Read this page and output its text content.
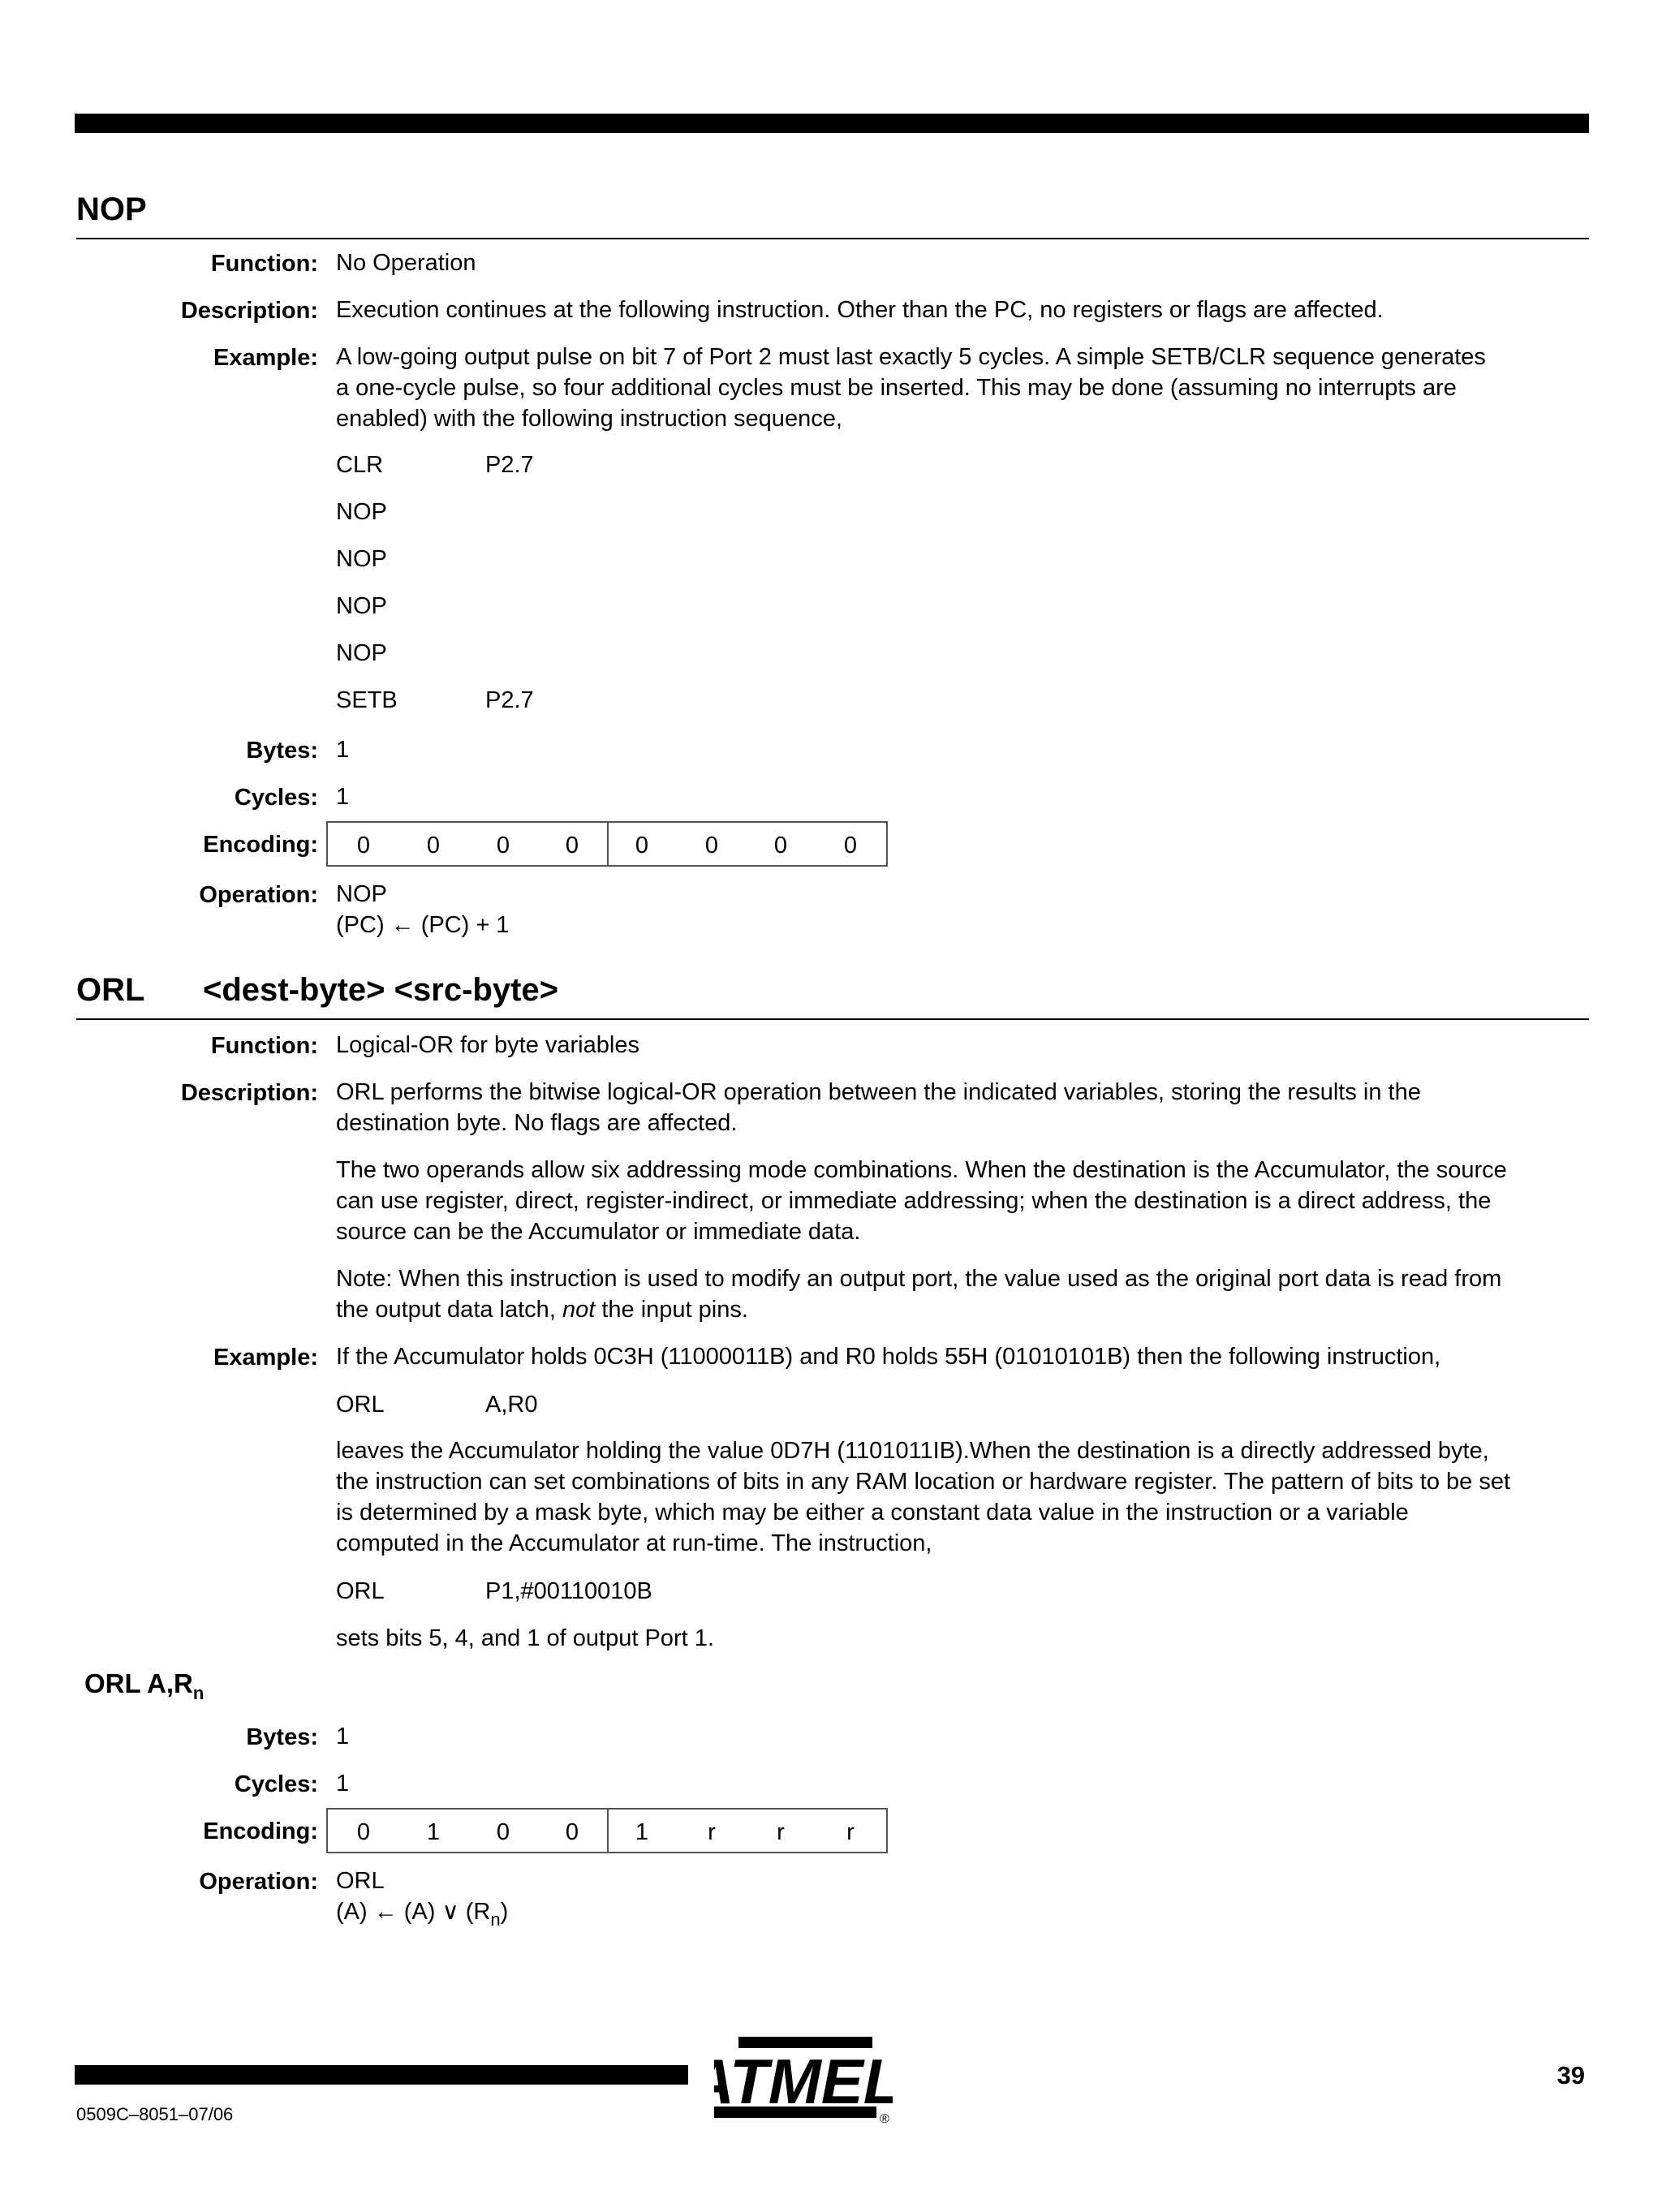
NOP
Function: No Operation
Description: Execution continues at the following instruction. Other than the PC, no registers or flags are affected.
Example: A low-going output pulse on bit 7 of Port 2 must last exactly 5 cycles. A simple SETB/CLR sequence generates
a one-cycle pulse, so four additional cycles must be inserted. This may be done (assuming no interrupts are
enabled) with the following instruction sequence,
CLR	P2.7
NOP
NOP
NOP
NOP
SETB	P2.7
Bytes: 1
Cycles: 1
Encoding: 0 0 0 0 0 0 0 0
Operation: NOP
(PC) ← (PC) + 1
ORL <dest-byte> <src-byte>
Function: Logical-OR for byte variables
Description: ORL performs the bitwise logical-OR operation between the indicated variables, storing the results in the
destination byte. No flags are affected.
The two operands allow six addressing mode combinations. When the destination is the Accumulator, the source
can use register, direct, register-indirect, or immediate addressing; when the destination is a direct address, the
source can be the Accumulator or immediate data.
Note: When this instruction is used to modify an output port, the value used as the original port data is read from
the output data latch, not the input pins.
Example: If the Accumulator holds 0C3H (11000011B) and R0 holds 55H (01010101B) then the following instruction,
ORL	A,R0
leaves the Accumulator holding the value 0D7H (1101011IB).When the destination is a directly addressed byte,
the instruction can set combinations of bits in any RAM location or hardware register. The pattern of bits to be set
is determined by a mask byte, which may be either a constant data value in the instruction or a variable
computed in the Accumulator at run-time. The instruction,
ORL	P1,#00110010B
sets bits 5, 4, and 1 of output Port 1.
ORL $A,R_n$
Bytes: 1
Cycles: 1
Encoding: 0 1 0 0 1	r	r	r
Operation: ORL
(A) ← (A) ∨ $(R_n)$
0509C–8051–07/06	TMEL
®
39
